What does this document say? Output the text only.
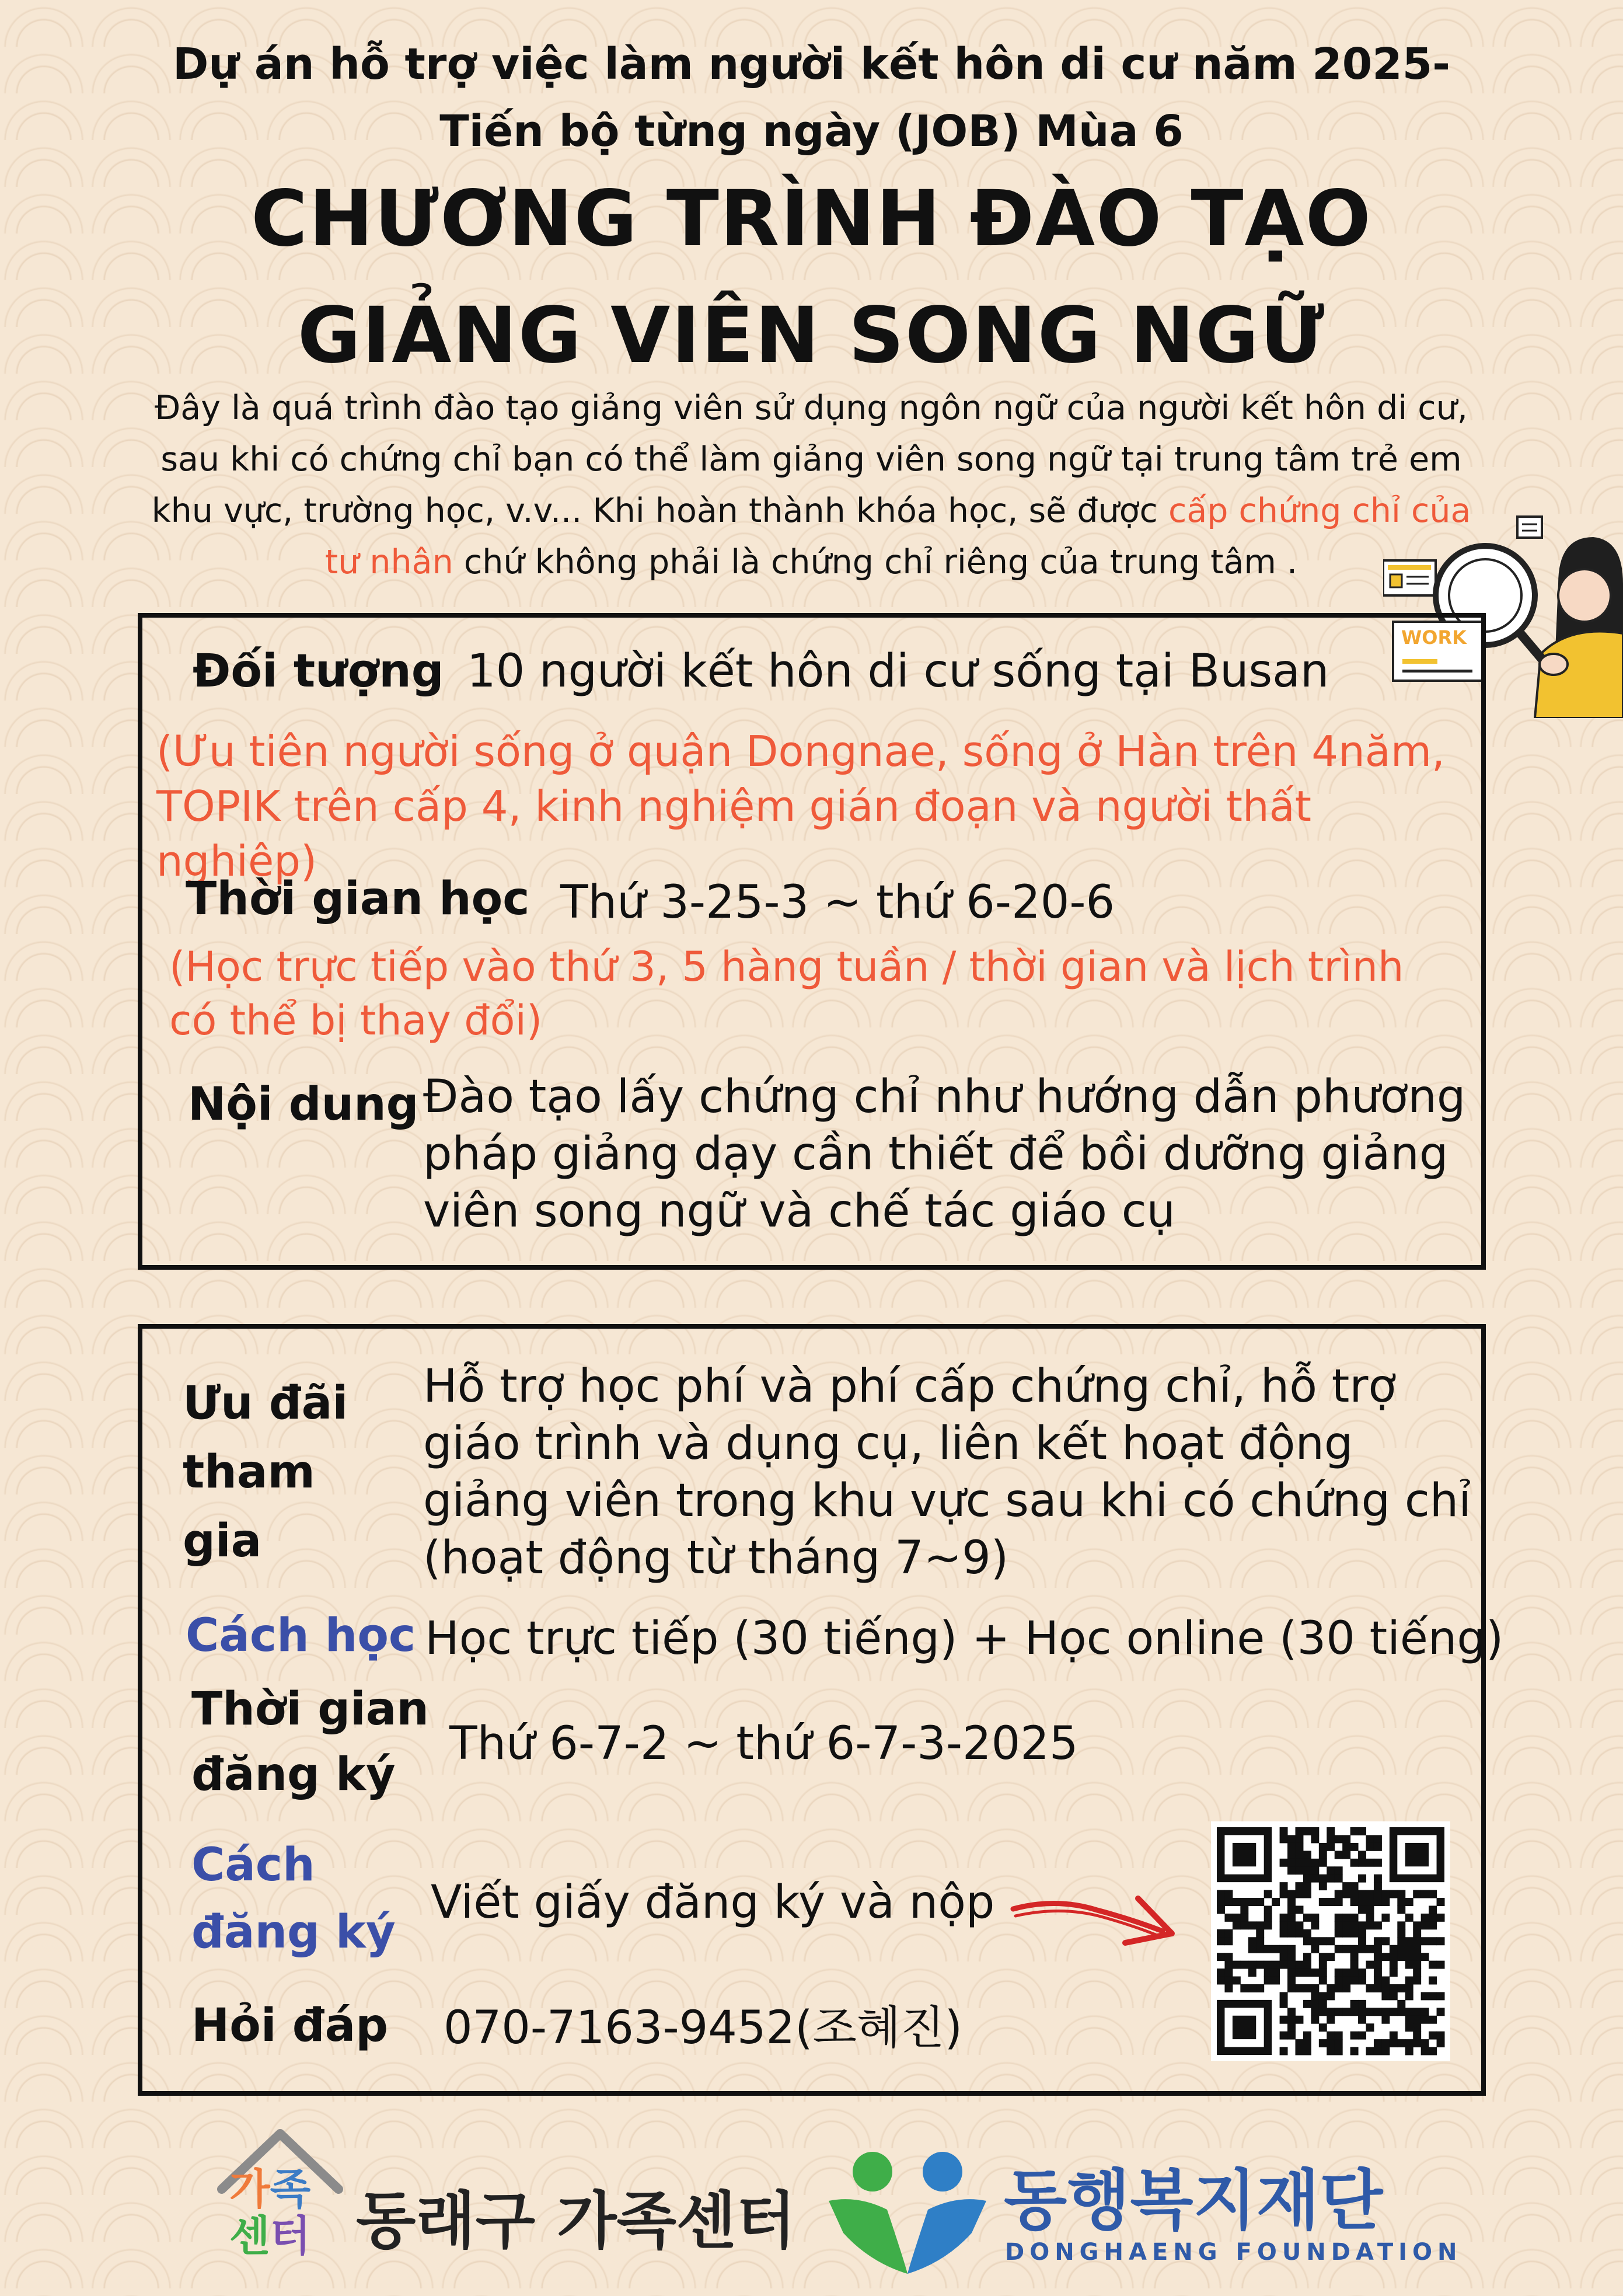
Dự án hỗ trợ việc làm người kết hôn di cư năm 2025-
Tiến bộ từng ngày (JOB) Mùa 6
CHƯƠNG TRÌNH ĐÀO TẠO
GIẢNG VIÊN SONG NGỮ
Đây là quá trình đào tạo giảng viên sử dụng ngôn ngữ của người kết hôn di cư, sau khi có chứng chỉ bạn có thể làm giảng viên song ngữ tại trung tâm trẻ em khu vực, trường học, v.v... Khi hoàn thành khóa học, sẽ được cấp chứng chỉ của tư nhân chứ không phải là chứng chỉ riêng của trung tâm .
WORK
Đối tượng 10 người kết hôn di cư sống tại Busan
(Ưu tiên người sống ở quận Dongnae, sống ở Hàn trên 4năm, TOPIK trên cấp 4, kinh nghiệm gián đoạn và người thất nghiệp)
Thời gian học Thứ 3-25-3 ~ thứ 6-20-6
(Học trực tiếp vào thứ 3, 5 hàng tuần / thời gian và lịch trình có thể bị thay đổi)
Nội dung Đào tạo lấy chứng chỉ như hướng dẫn phương pháp giảng dạy cần thiết để bồi dưỡng giảng viên song ngữ và chế tác giáo cụ
Ưu đãi tham gia
Hỗ trợ học phí và phí cấp chứng chỉ, hỗ trợ giáo trình và dụng cụ, liên kết hoạt động giảng viên trong khu vực sau khi có chứng chỉ (hoạt động từ tháng 7~9)
Cách học Học trực tiếp (30 tiếng) + Học online (30 tiếng)
Thời gian
đăng ký
Thứ 6-7-2 ~ thứ 6-7-3-2025
Cách
đăng ký
Viết giấy đăng ký và nộp
Hỏi đáp 070-7163-9452(조혜진)
가족
센터 동래구 가족센터	동행복지재단
DONGHAENG FOUNDATION
